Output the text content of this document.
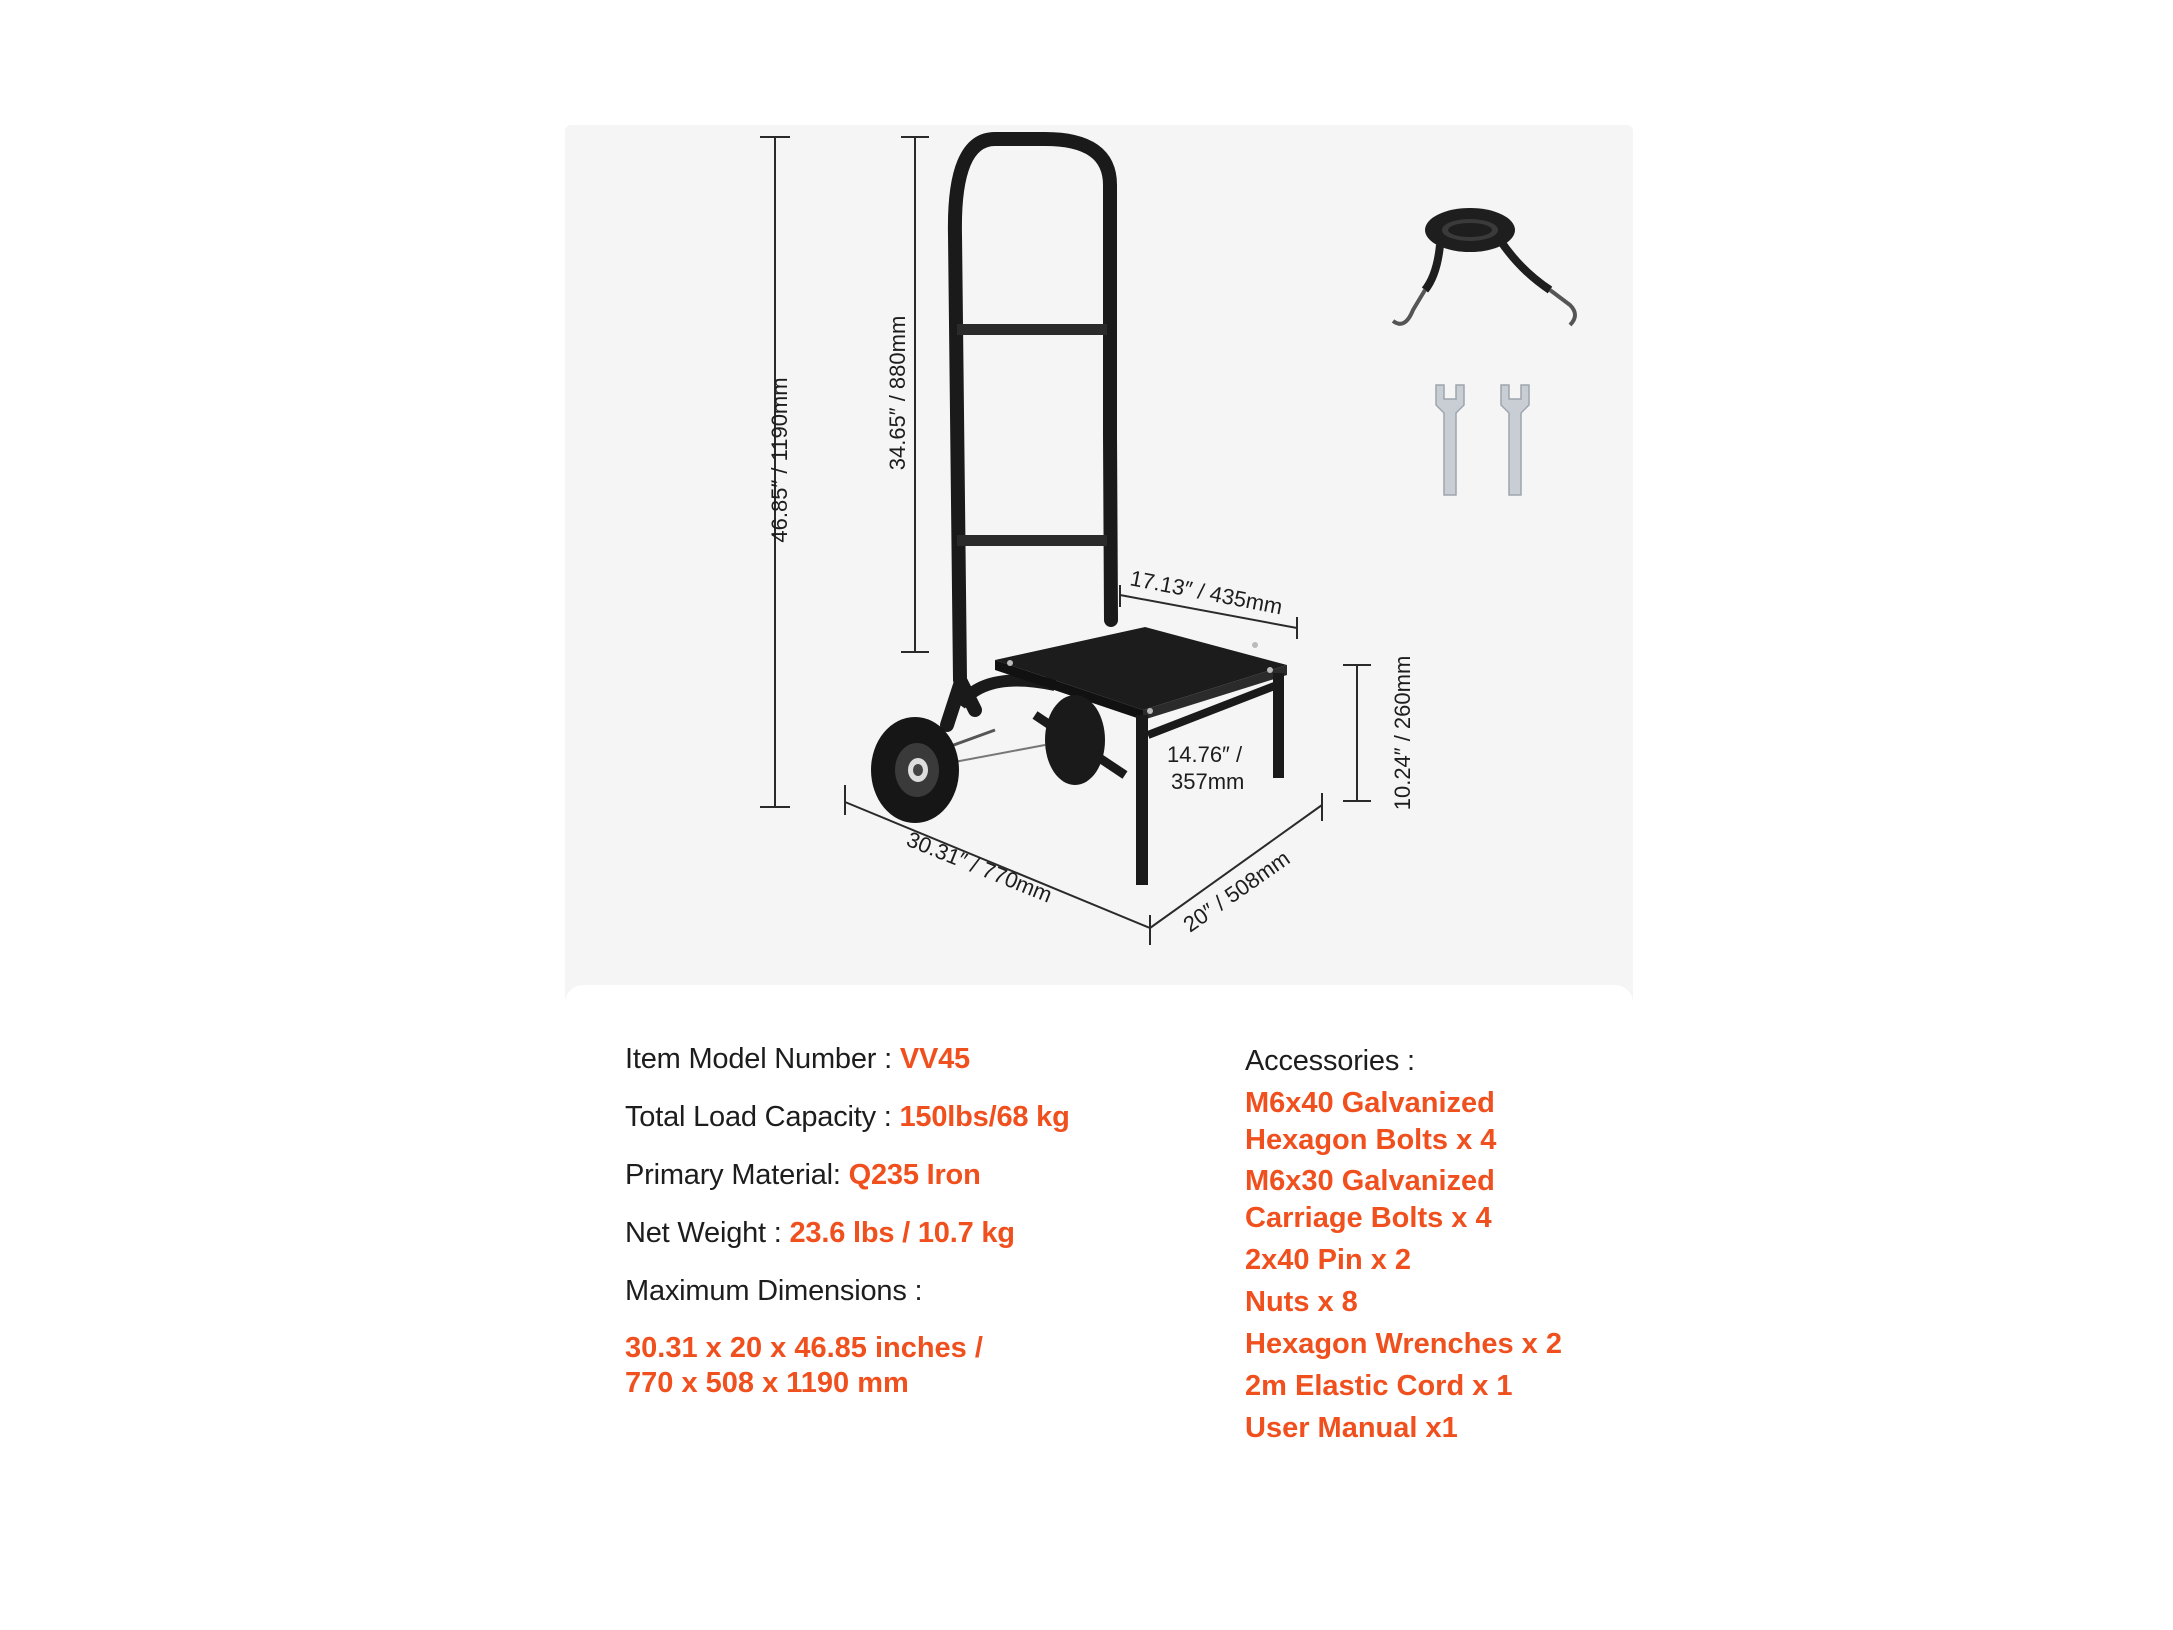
46.85″ / 1190mm	34.65″ / 880mm
17.13″ / 435mm
14.76″ /
357mm	10.24″ / 260mm
30.31″ / 770mm	20″ / 508mm
Item Model Number : VV45
Total Load Capacity : 150lbs/68 kg
Primary Material: Q235 Iron
Net Weight : 23.6 lbs / 10.7 kg
Maximum Dimensions :
30.31 x 20 x 46.85 inches /
770 x 508 x 1190 mm
Accessories :
M6x40 Galvanized
Hexagon Bolts x 4
M6x30 Galvanized
Carriage Bolts x 4
2x40 Pin x 2
Nuts x 8
Hexagon Wrenches x 2
2m Elastic Cord x 1
User Manual x1
